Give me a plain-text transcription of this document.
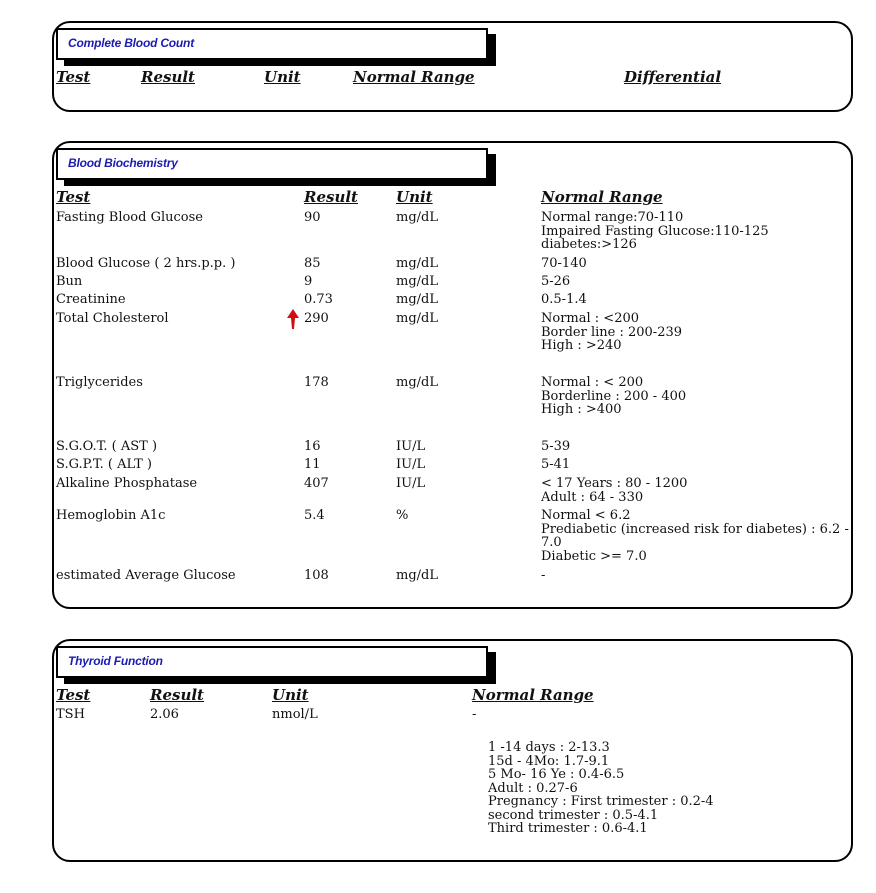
Complete Blood Count
Test	Result	Unit	Normal Range	Differential
Blood Biochemistry
Test	Result	Unit	Normal Range
Fasting Blood Glucose	90	mg/dL	Normal range:70-110
Impaired Fasting Glucose:110-125
diabetes:>126
Blood Glucose ( 2 hrs.p.p. )	85	mg/dL	70-140
Bun	9	mg/dL	5-26
Creatinine	0.73	mg/dL	0.5-1.4
Total Cholesterol	290	mg/dL	Normal : <200
Border line : 200-239
High : >240
Triglycerides	178	mg/dL	Normal : < 200
Borderline : 200 - 400
High : >400
S.G.O.T. ( AST )	16	IU/L	5-39
S.G.P.T. ( ALT )	11	IU/L	5-41
Alkaline Phosphatase	407	IU/L	< 17 Years : 80 - 1200
Adult : 64 - 330
Hemoglobin A1c	5.4	%	Normal < 6.2
Prediabetic (increased risk for diabetes) : 6.2 -
7.0
Diabetic >= 7.0
estimated Average Glucose	108	mg/dL	-
Thyroid Function
Test	Result	Unit	Normal Range
TSH	2.06	nmol/L	-
1 -14 days : 2-13.3
15d - 4Mo: 1.7-9.1
5 Mo- 16 Ye : 0.4-6.5
Adult : 0.27-6
Pregnancy : First trimester : 0.2-4
second trimester : 0.5-4.1
Third trimester : 0.6-4.1
